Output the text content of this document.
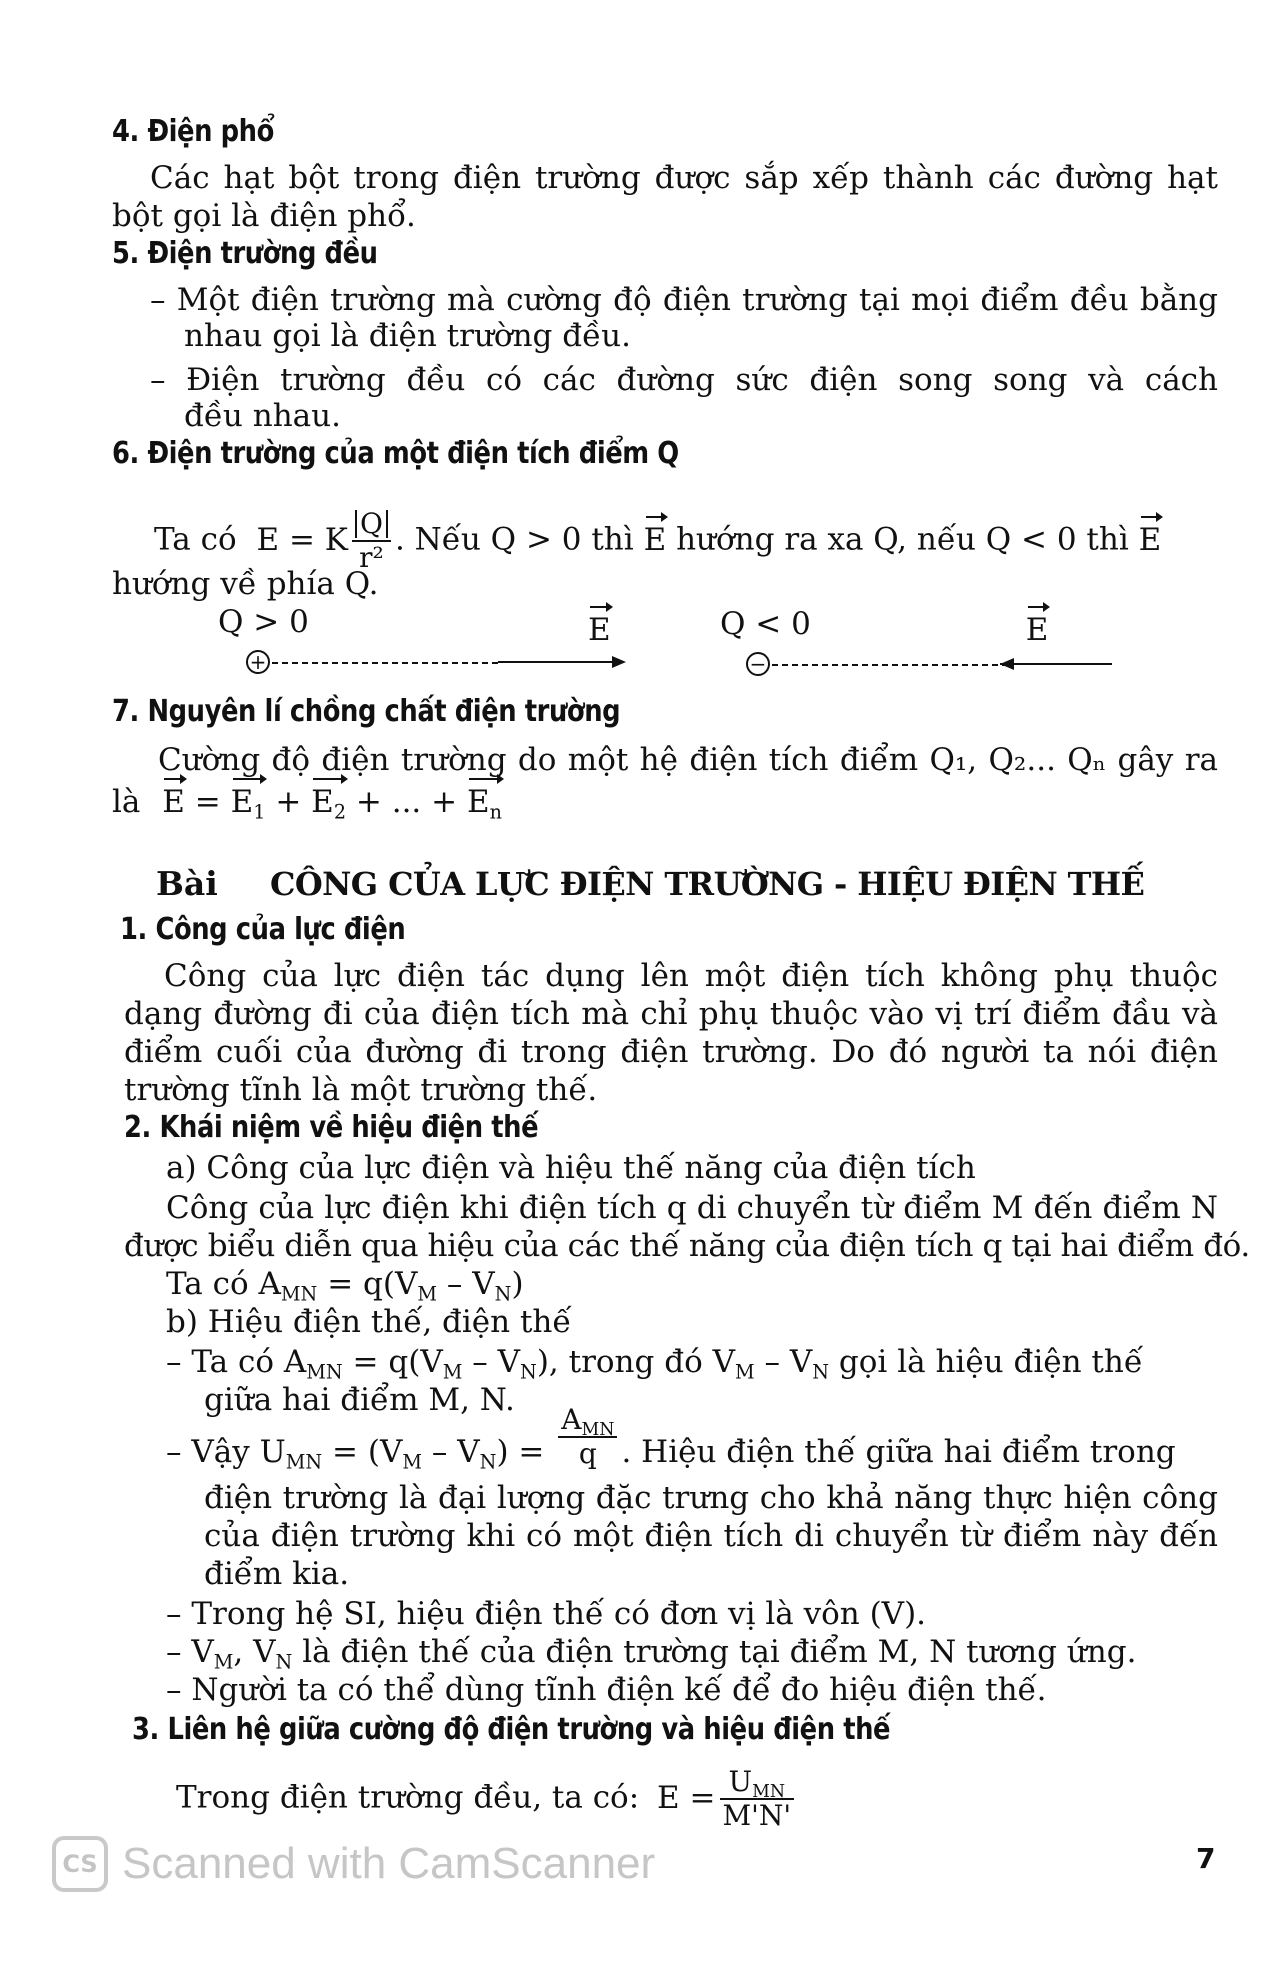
4. Điện phổ
Các hạt bột trong điện trường được sắp xếp thành các đường hạt
bột gọi là điện phổ.
5. Điện trường đều
– Một điện trường mà cường độ điện trường tại mọi điểm đều bằng
nhau gọi là điện trường đều.
– Điện trường đều có các đường sức điện song song và cách
đều nhau.
6. Điện trường của một điện tích điểm Q
Ta có E = K $\frac{Q}{\text{r²}}$ . Nếu Q > 0 thì E hướng ra xa Q, nếu Q < 0 thì E
hướng về phía Q.
Q > 0	E
+
Q < 0	E
−
7. Nguyên lí chồng chất điện trường
Cường độ điện trường do một hệ điện tích điểm Q₁, Q₂... Qₙ gây ra
là $E = E_1 + E_2$ + ... + $E_n$
Bài CÔNG CỦA LỰC ĐIỆN TRƯỜNG - HIỆU ĐIỆN THẾ
1. Công của lực điện
Công của lực điện tác dụng lên một điện tích không phụ thuộc
dạng đường đi của điện tích mà chỉ phụ thuộc vào vị trí điểm đầu và
điểm cuối của đường đi trong điện trường. Do đó người ta nói điện
trường tĩnh là một trường thế.
2. Khái niệm về hiệu điện thế
a) Công của lực điện và hiệu thế năng của điện tích
Công của lực điện khi điện tích q di chuyển từ điểm M đến điểm N
được biểu diễn qua hiệu của các thế năng của điện tích q tại hai điểm đó.
Ta có $A_{MN} = q(V_M - V_N)$
b) Hiệu điện thế, điện thế
– Ta có $A_{MN} = q(V_M - V_N)$, trong đó $V_M - V_N$ gọi là hiệu điện thế
giữa hai điểm M, N.
– Vậy $U_{MN} = (V_M - V_N) = \frac{A_{MN}}{q}$ . Hiệu điện thế giữa hai điểm trong
điện trường là đại lượng đặc trưng cho khả năng thực hiện công
của điện trường khi có một điện tích di chuyển từ điểm này đến
điểm kia.
– Trong hệ SI, hiệu điện thế có đơn vị là vôn (V).
– $V_M$, $V_N$ là điện thế của điện trường tại điểm M, N tương ứng.
– Người ta có thể dùng tĩnh điện kế để đo hiệu điện thế.
3. Liên hệ giữa cường độ điện trường và hiệu điện thế
Trong điện trường đều, ta có: $E = \frac{U_{MN}}{M'N'}$
7
CS Scanned with CamScanner
